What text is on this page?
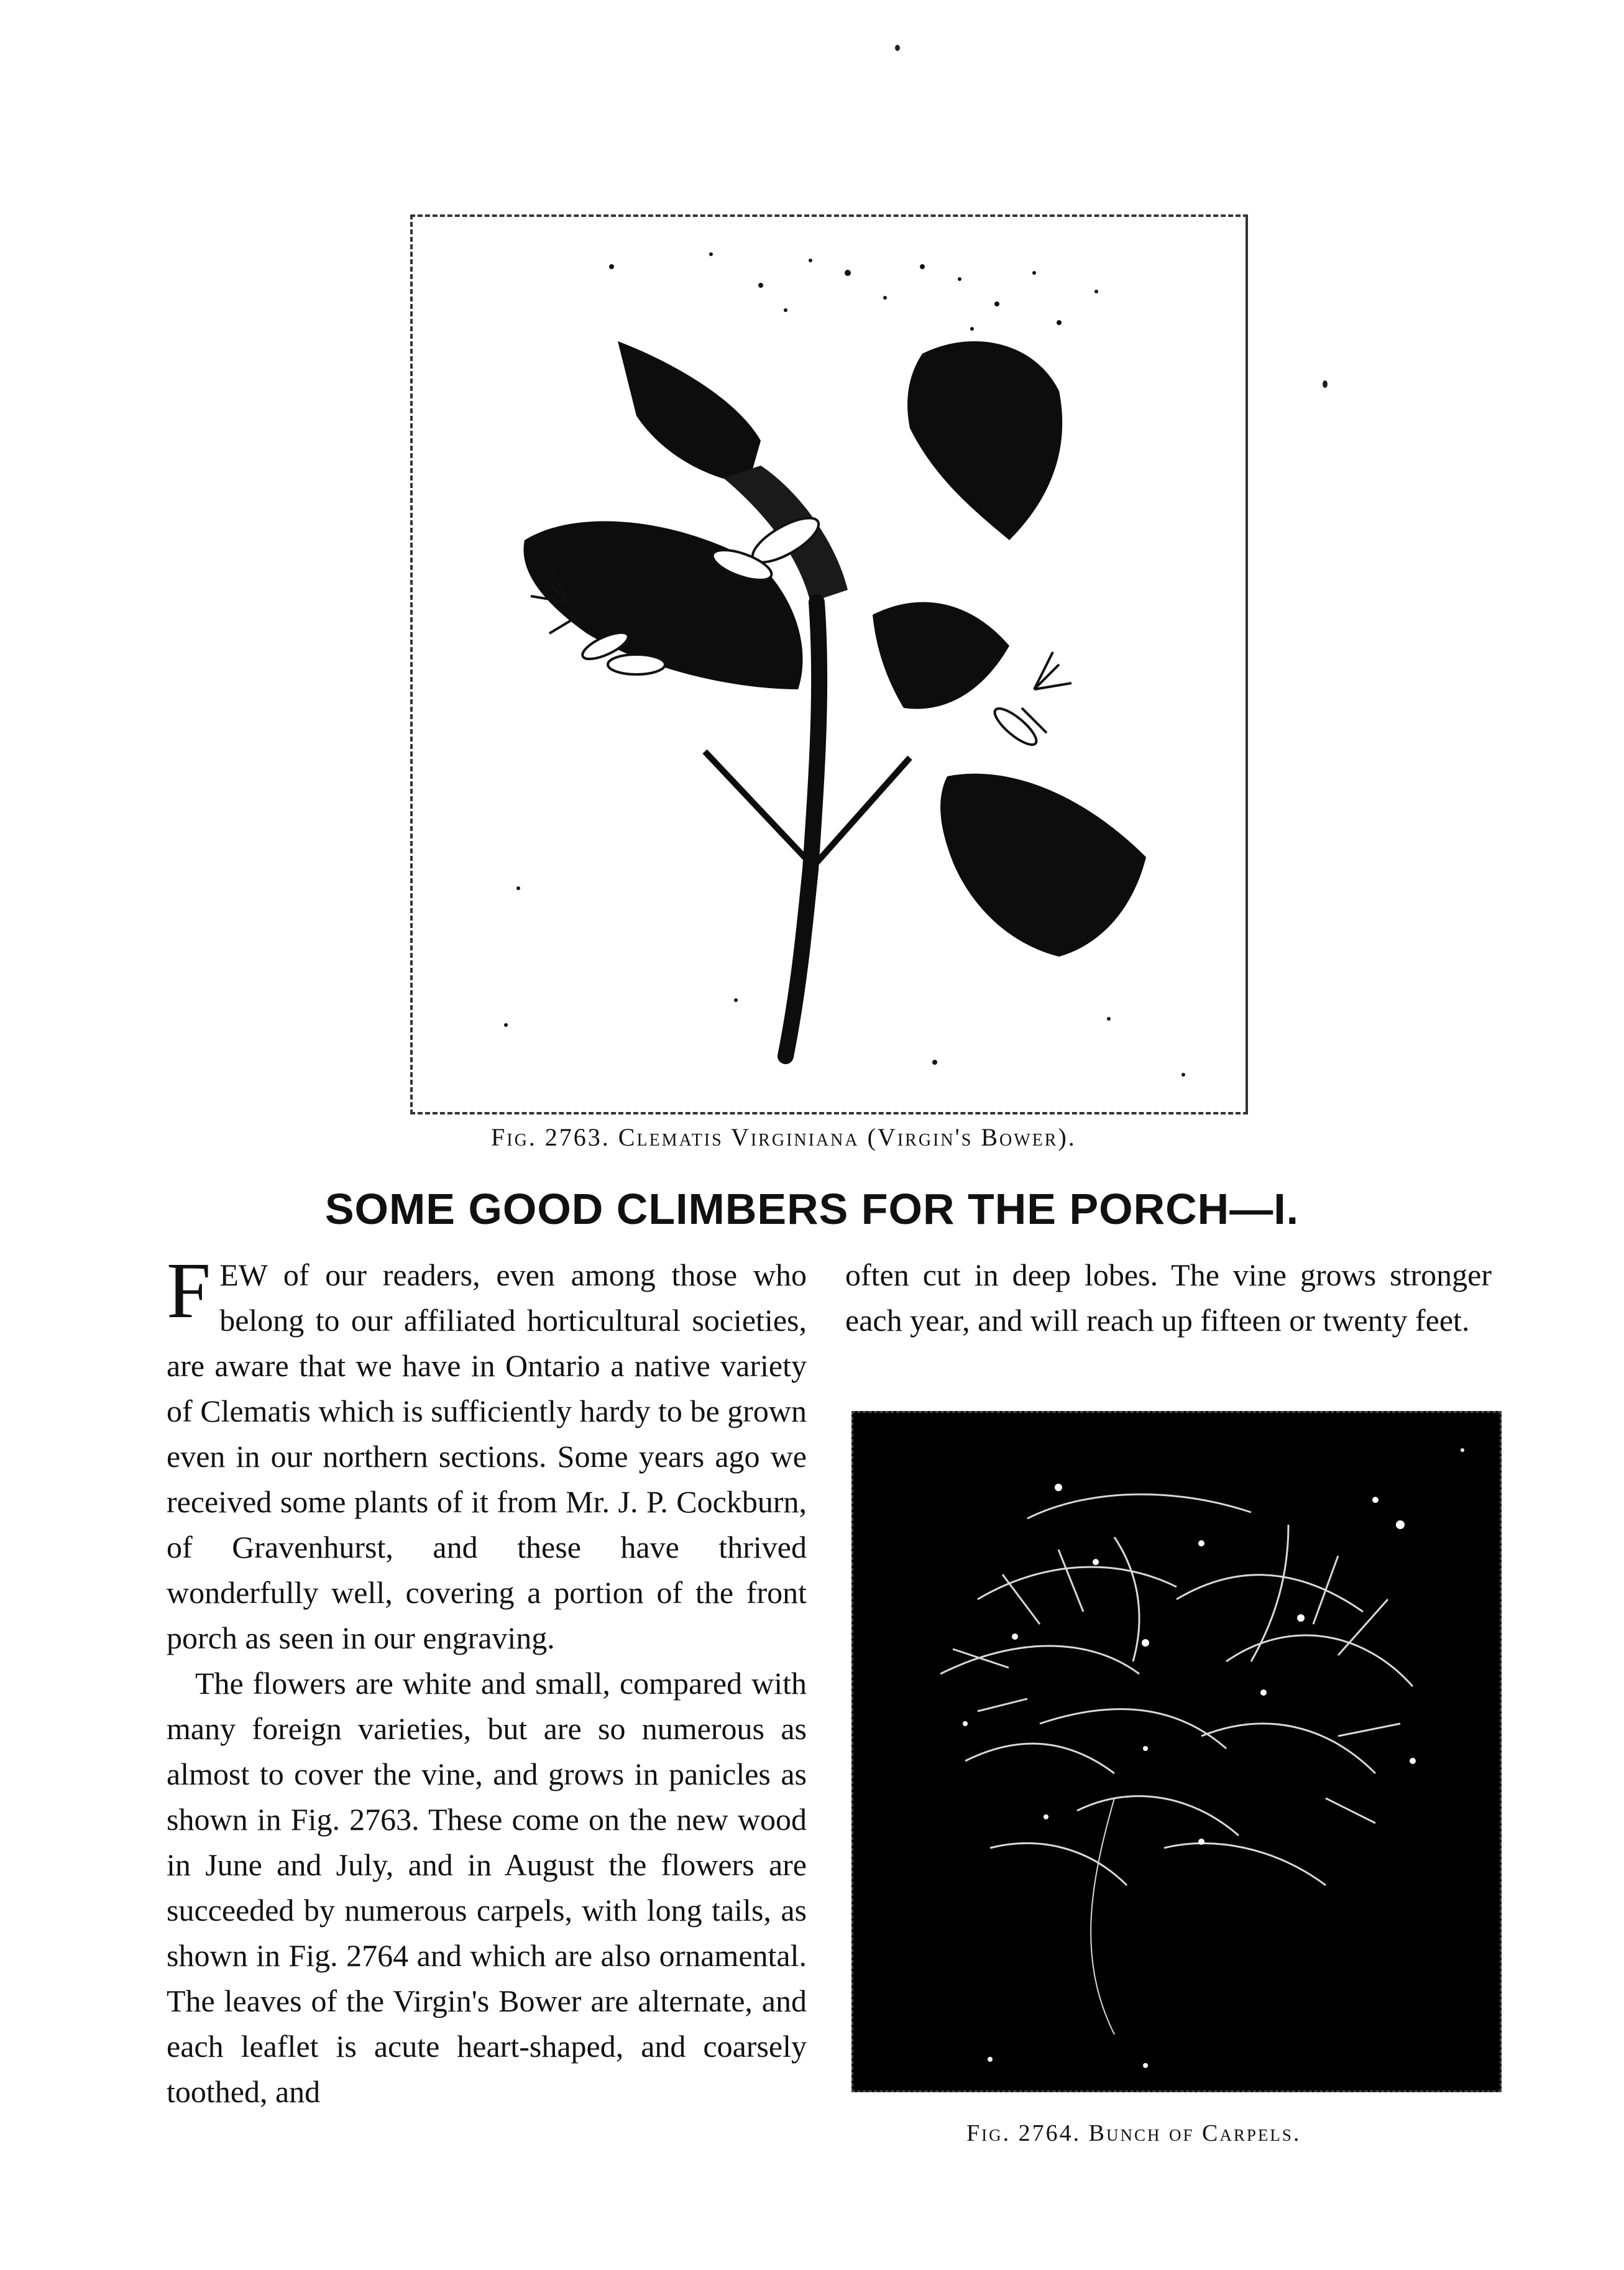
Fig. 2763. Clematis Virginiana (Virgin's Bower).
SOME GOOD CLIMBERS FOR THE PORCH—I.

FEW of our readers, even among those who belong to our affiliated horticultural societies, are aware that we have in Ontario a native variety of Clematis which is sufficiently hardy to be grown even in our northern sections. Some years ago we received some plants of it from Mr. J. P. Cockburn, of Gravenhurst, and these have thrived wonderfully well, covering a portion of the front porch as seen in our engraving.

The flowers are white and small, compared with many foreign varieties, but are so numerous as almost to cover the vine, and grows in panicles as shown in Fig. 2763. These come on the new wood in June and July, and in August the flowers are succeeded by numerous carpels, with long tails, as shown in Fig. 2764 and which are also ornamental. The leaves of the Virgin's Bower are alternate, and each leaflet is acute heart-shaped, and coarsely toothed, and

often cut in deep lobes. The vine grows stronger each year, and will reach up fifteen or twenty feet.

Fig. 2764. Bunch of Carpels.
